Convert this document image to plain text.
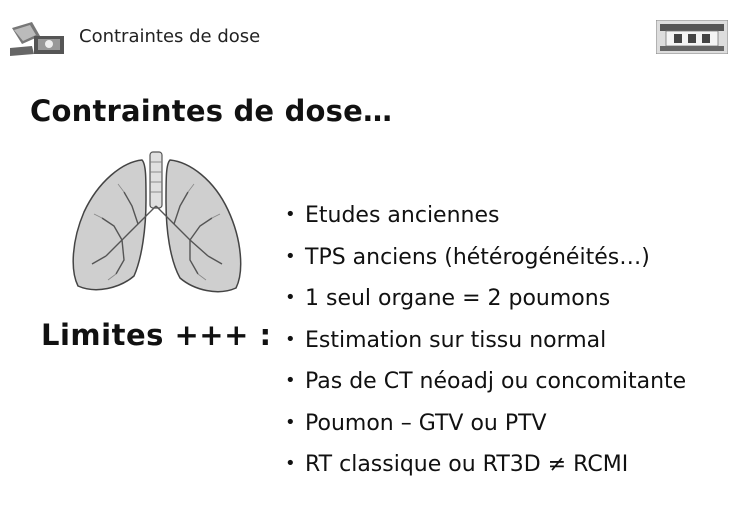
Contraintes de dose
Contraintes de dose…
Limites +++ :
• Etudes anciennes
• TPS anciens (hétérogénéités…)
• 1 seul organe = 2 poumons
• Estimation sur tissu normal
• Pas de CT néoadj ou concomitante
• Poumon – GTV ou PTV
• RT classique ou RT3D ≠ RCMI
